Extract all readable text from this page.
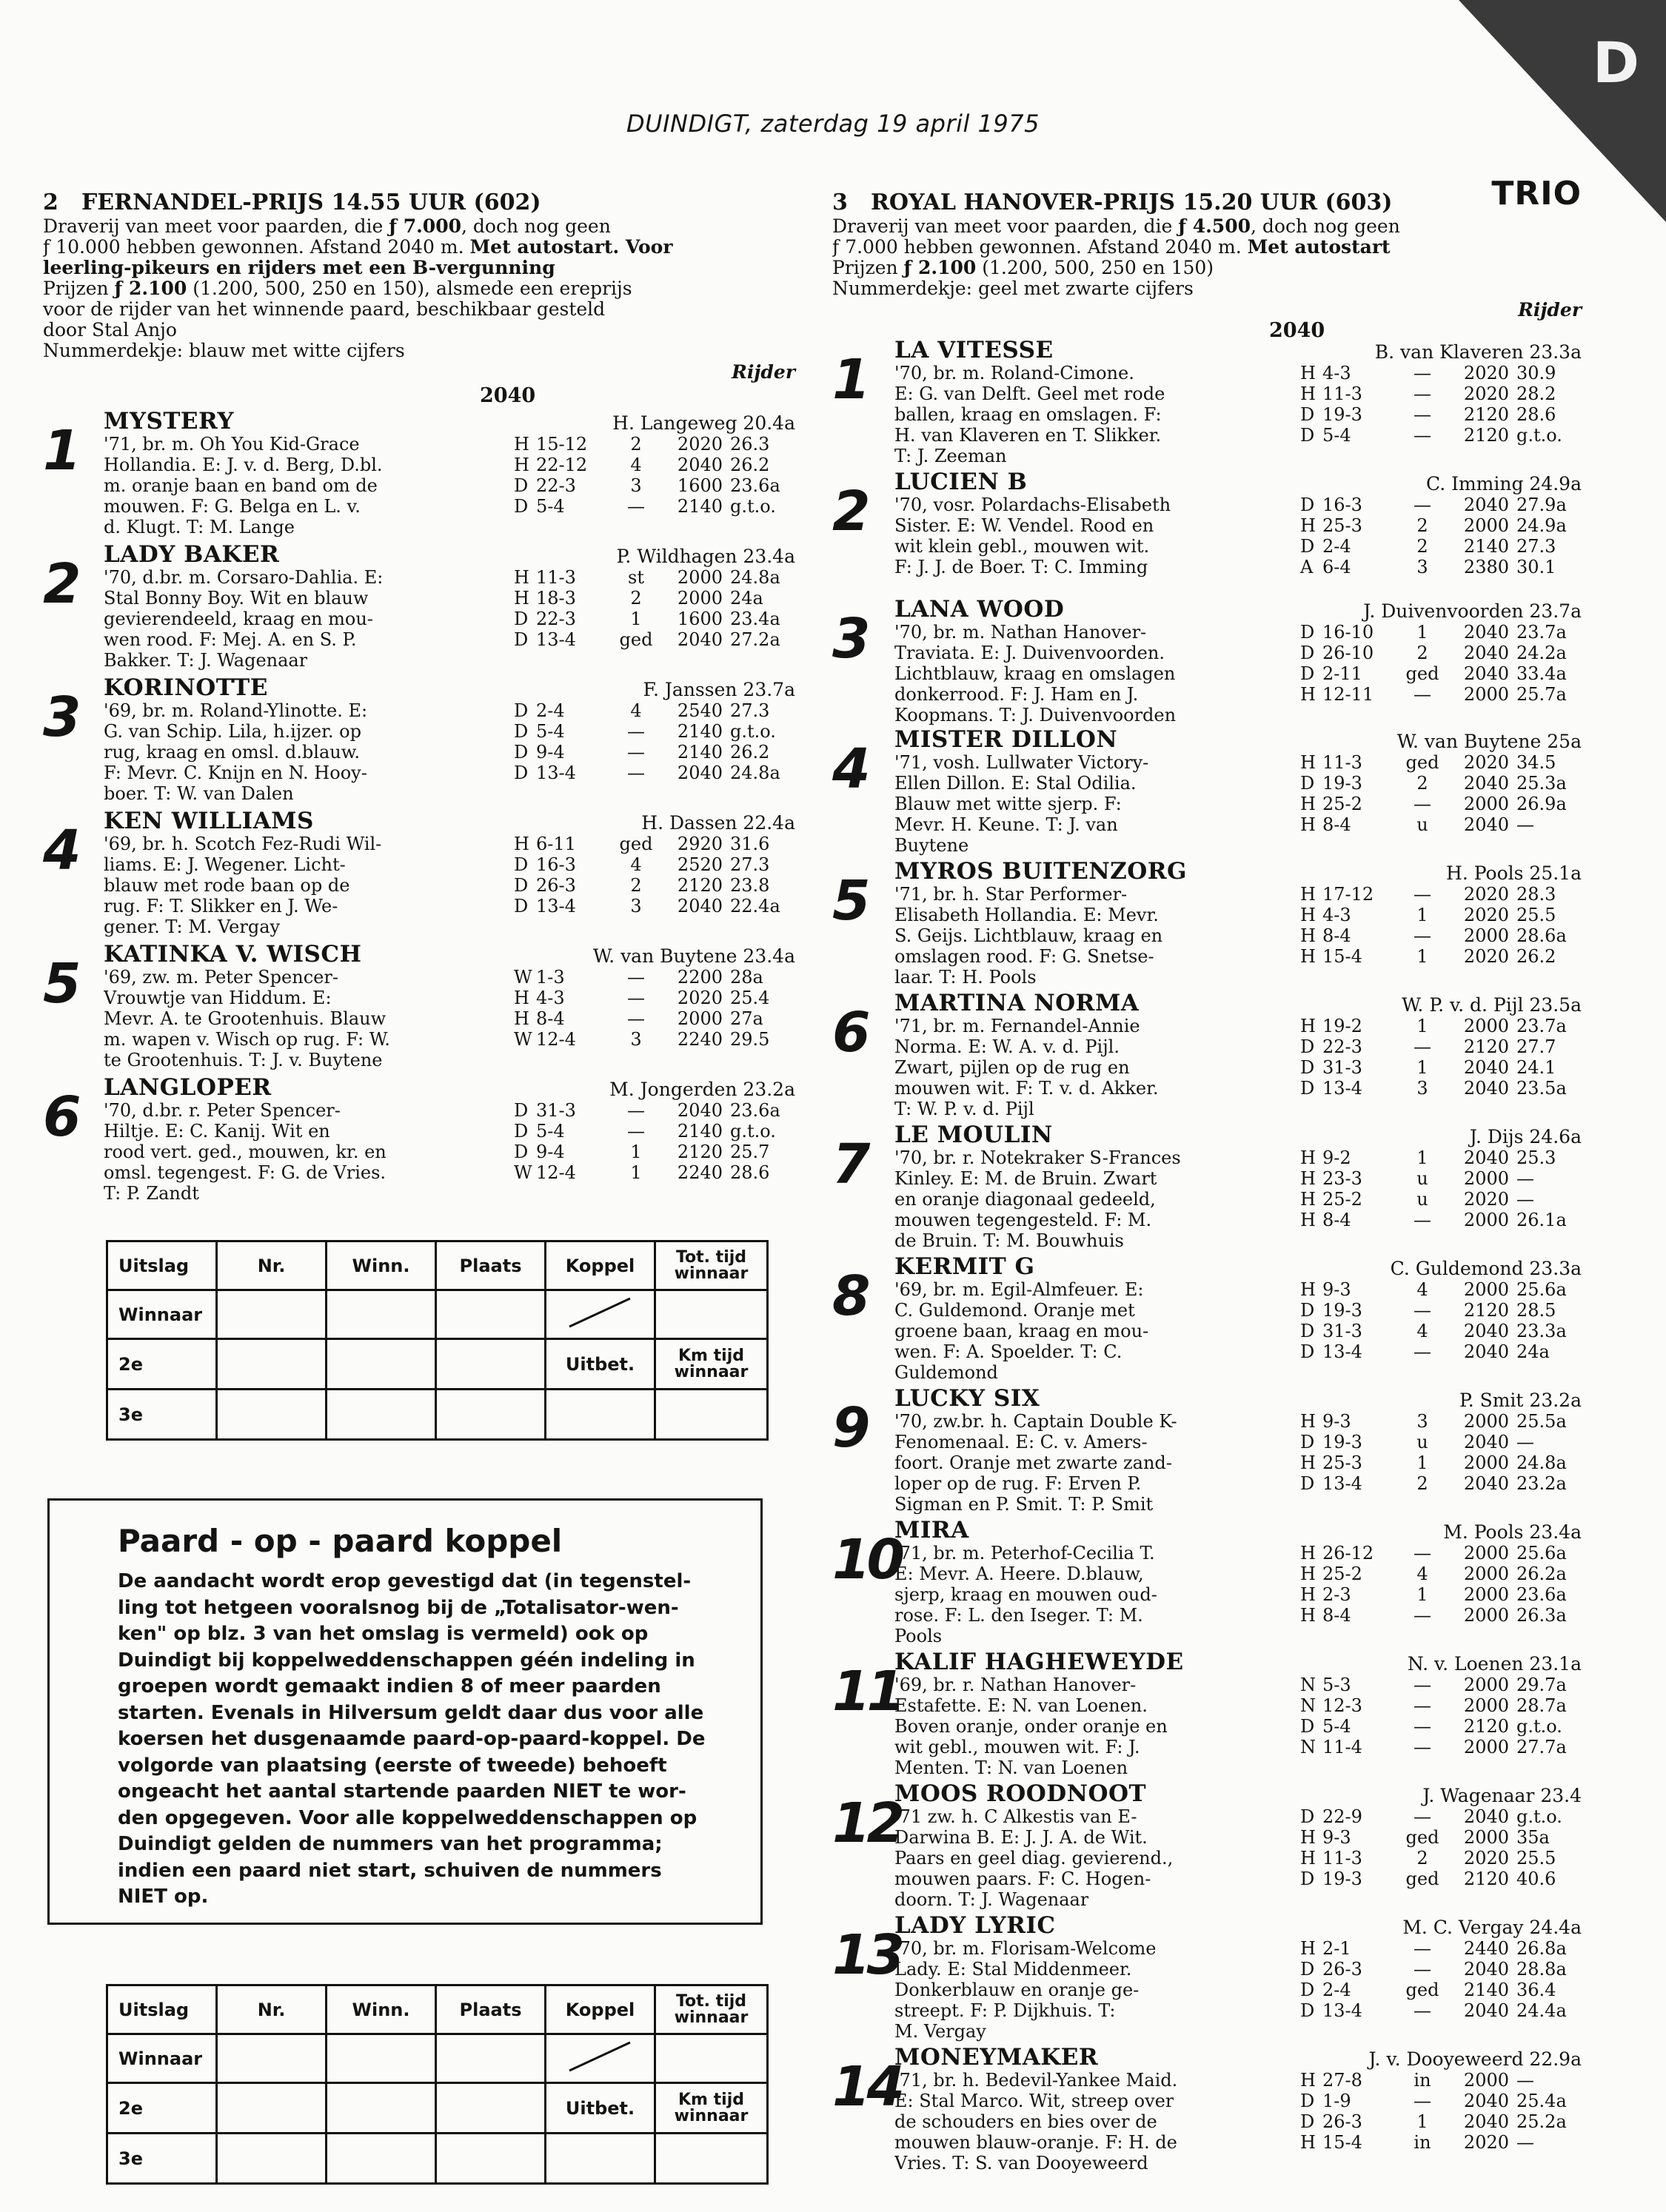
D
DUINDIGT, zaterdag 19 april 1975
2 FERNANDEL-PRIJS 14.55 UUR (602)
Draverij van meet voor paarden, die ƒ 7.000, doch nog geen
ƒ 10.000 hebben gewonnen. Afstand 2040 m. Met autostart. Voor
leerling-pikeurs en rijders met een B-vergunning
Prijzen ƒ 2.100 (1.200, 500, 250 en 150), alsmede een ereprijs
voor de rijder van het winnende paard, beschikbaar gesteld
door Stal Anjo
Nummerdekje: blauw met witte cijfers
Rijder
2040
1	MYSTERY	H. Langeweg 20.4a
'71, br. m. Oh You Kid-Grace	H 15-12	2	2020 26.3
Hollandia. E: J. v. d. Berg, D.bl.	H 22-12	4	2040 26.2
m. oranje baan en band om de	D 22-3	3	1600 23.6a
mouwen. F: G. Belga en L. v.	D 5-4	—	2140 g.t.o.
d. Klugt. T: M. Lange
2	LADY BAKER	P. Wildhagen 23.4a
'70, d.br. m. Corsaro-Dahlia. E:	H 11-3	st	2000 24.8a
Stal Bonny Boy. Wit en blauw	H 18-3	2	2000 24a
gevierendeeld, kraag en mou-	D 22-3	1	1600 23.4a
wen rood. F: Mej. A. en S. P.	D 13-4	ged	2040 27.2a
Bakker. T: J. Wagenaar
3	KORINOTTE	F. Janssen 23.7a
'69, br. m. Roland-Ylinotte. E:	D 2-4	4	2540 27.3
G. van Schip. Lila, h.ijzer. op	D 5-4	—	2140 g.t.o.
rug, kraag en omsl. d.blauw.	D 9-4	—	2140 26.2
F: Mevr. C. Knijn en N. Hooy-	D 13-4	—	2040 24.8a
boer. T: W. van Dalen
4	KEN WILLIAMS	H. Dassen 22.4a
'69, br. h. Scotch Fez-Rudi Wil-	H 6-11	ged	2920 31.6
liams. E: J. Wegener. Licht-	D 16-3	4	2520 27.3
blauw met rode baan op de	D 26-3	2	2120 23.8
rug. F: T. Slikker en J. We-	D 13-4	3	2040 22.4a
gener. T: M. Vergay
5	KATINKA V. WISCH	W. van Buytene 23.4a
'69, zw. m. Peter Spencer-	W 1-3	—	2200 28a
Vrouwtje van Hiddum. E:	H 4-3	—	2020 25.4
Mevr. A. te Grootenhuis. Blauw	H 8-4	—	2000 27a
m. wapen v. Wisch op rug. F: W.	W 12-4	3	2240 29.5
te Grootenhuis. T: J. v. Buytene
6	LANGLOPER	M. Jongerden 23.2a
'70, d.br. r. Peter Spencer-	D 31-3	—	2040 23.6a
Hiltje. E: C. Kanij. Wit en	D 5-4	—	2140 g.t.o.
rood vert. ged., mouwen, kr. en	D 9-4	1	2120 25.7
omsl. tegengest. F: G. de Vries.	W 12-4	1	2240 28.6
T: P. Zandt
3 ROYAL HANOVER-PRIJS 15.20 UUR (603)	TRIO
Draverij van meet voor paarden, die ƒ 4.500, doch nog geen
ƒ 7.000 hebben gewonnen. Afstand 2040 m. Met autostart
Prijzen ƒ 2.100 (1.200, 500, 250 en 150)
Nummerdekje: geel met zwarte cijfers
Rijder
2040
1	LA VITESSE	B. van Klaveren 23.3a
'70, br. m. Roland-Cimone.	H 4-3	—	2020 30.9
E: G. van Delft. Geel met rode	H 11-3	—	2020 28.2
ballen, kraag en omslagen. F:	D 19-3	—	2120 28.6
H. van Klaveren en T. Slikker.	D 5-4	—	2120 g.t.o.
T: J. Zeeman
2	LUCIEN B	C. Imming 24.9a
'70, vosr. Polardachs-Elisabeth	D 16-3	—	2040 27.9a
Sister. E: W. Vendel. Rood en	H 25-3	2	2000 24.9a
wit klein gebl., mouwen wit.	D 2-4	2	2140 27.3
F: J. J. de Boer. T: C. Imming	A 6-4	3	2380 30.1
3	LANA WOOD	J. Duivenvoorden 23.7a
'70, br. m. Nathan Hanover-	D 16-10	1	2040 23.7a
Traviata. E: J. Duivenvoorden.	D 26-10	2	2040 24.2a
Lichtblauw, kraag en omslagen	D 2-11	ged	2040 33.4a
donkerrood. F: J. Ham en J.	H 12-11	—	2000 25.7a
Koopmans. T: J. Duivenvoorden
4	MISTER DILLON	W. van Buytene 25a
'71, vosh. Lullwater Victory-	H 11-3	ged	2020 34.5
Ellen Dillon. E: Stal Odilia.	D 19-3	2	2040 25.3a
Blauw met witte sjerp. F:	H 25-2	—	2000 26.9a
Mevr. H. Keune. T: J. van	H 8-4	u	2040 —
Buytene
5	MYROS BUITENZORG	H. Pools 25.1a
'71, br. h. Star Performer-	H 17-12	—	2020 28.3
Elisabeth Hollandia. E: Mevr.	H 4-3	1	2020 25.5
S. Geijs. Lichtblauw, kraag en	H 8-4	—	2000 28.6a
omslagen rood. F: G. Snetse-	H 15-4	1	2020 26.2
laar. T: H. Pools
6	MARTINA NORMA	W. P. v. d. Pijl 23.5a
'71, br. m. Fernandel-Annie	H 19-2	1	2000 23.7a
Norma. E: W. A. v. d. Pijl.	D 22-3	—	2120 27.7
Zwart, pijlen op de rug en	D 31-3	1	2040 24.1
mouwen wit. F: T. v. d. Akker.	D 13-4	3	2040 23.5a
T: W. P. v. d. Pijl
7	LE MOULIN	J. Dijs 24.6a
'70, br. r. Notekraker S-Frances	H 9-2	1	2040 25.3
Kinley. E: M. de Bruin. Zwart	H 23-3	u	2000 —
en oranje diagonaal gedeeld,	H 25-2	u	2020 —
mouwen tegengesteld. F: M.	H 8-4	—	2000 26.1a
de Bruin. T: M. Bouwhuis
8	KERMIT G	C. Guldemond 23.3a
'69, br. m. Egil-Almfeuer. E:	H 9-3	4	2000 25.6a
C. Guldemond. Oranje met	D 19-3	—	2120 28.5
groene baan, kraag en mou-	D 31-3	4	2040 23.3a
wen. F: A. Spoelder. T: C.	D 13-4	—	2040 24a
Guldemond
9	LUCKY SIX	P. Smit 23.2a
'70, zw.br. h. Captain Double K-	H 9-3	3	2000 25.5a
Fenomenaal. E: C. v. Amers-	D 19-3	u	2040 —
foort. Oranje met zwarte zand-	H 25-3	1	2000 24.8a
loper op de rug. F: Erven P.	D 13-4	2	2040 23.2a
Sigman en P. Smit. T: P. Smit
10
MIRA	M. Pools 23.4a
'71, br. m. Peterhof-Cecilia T.	H 26-12	—	2000 25.6a
E: Mevr. A. Heere. D.blauw,	H 25-2	4	2000 26.2a
sjerp, kraag en mouwen oud-	H 2-3	1	2000 23.6a
rose. F: L. den Iseger. T: M.	H 8-4	—	2000 26.3a
Pools
11
KALIF HAGHEWEYDE	N. v. Loenen 23.1a
'69, br. r. Nathan Hanover-	N 5-3	—	2000 29.7a
Estafette. E: N. van Loenen.	N 12-3	—	2000 28.7a
Boven oranje, onder oranje en	D 5-4	—	2120 g.t.o.
wit gebl., mouwen wit. F: J.	N 11-4	—	2000 27.7a
Menten. T: N. van Loenen
12
MOOS ROODNOOT	J. Wagenaar 23.4
'71 zw. h. C Alkestis van E-	D 22-9	—	2040 g.t.o.
Darwina B. E: J. J. A. de Wit.	H 9-3	ged	2000 35a
Paars en geel diag. gevierend.,	H 11-3	2	2020 25.5
mouwen paars. F: C. Hogen-	D 19-3	ged	2120 40.6
doorn. T: J. Wagenaar
13
LADY LYRIC	M. C. Vergay 24.4a
'70, br. m. Florisam-Welcome	H 2-1	—	2440 26.8a
Lady. E: Stal Middenmeer.	D 26-3	—	2040 28.8a
Donkerblauw en oranje ge-	D 2-4	ged	2140 36.4
streept. F: P. Dijkhuis. T:	D 13-4	—	2040 24.4a
M. Vergay
14
MONEYMAKER	J. v. Dooyeweerd 22.9a
'71, br. h. Bedevil-Yankee Maid.	H 27-8	in	2000 —
E: Stal Marco. Wit, streep over	D 1-9	—	2040 25.4a
de schouders en bies over de	D 26-3	1	2040 25.2a
mouwen blauw-oranje. F: H. de	H 15-4	in	2020 —
Vries. T: S. van Dooyeweerd
Uitslag	Nr.	Winn.	Plaats	Koppel	Tot. tijd winnaar
Winnaar					
2e				Uitbet.	Km tijd winnaar
3e					
Uitslag	Nr.	Winn.	Plaats	Koppel	Tot. tijd winnaar
Winnaar					
2e				Uitbet.	Km tijd winnaar
3e					
Paard - op - paard koppel

De aandacht wordt erop gevestigd dat (in tegenstel-
ling tot hetgeen vooralsnog bij de „Totalisator-wen-
ken" op blz. 3 van het omslag is vermeld) ook op
Duindigt bij koppelweddenschappen géén indeling in
groepen wordt gemaakt indien 8 of meer paarden
starten. Evenals in Hilversum geldt daar dus voor alle
koersen het dusgenaamde paard-op-paard-koppel. De
volgorde van plaatsing (eerste of tweede) behoeft
ongeacht het aantal startende paarden NIET te wor-
den opgegeven. Voor alle koppelweddenschappen op
Duindigt gelden de nummers van het programma;
indien een paard niet start, schuiven de nummers
NIET op.
